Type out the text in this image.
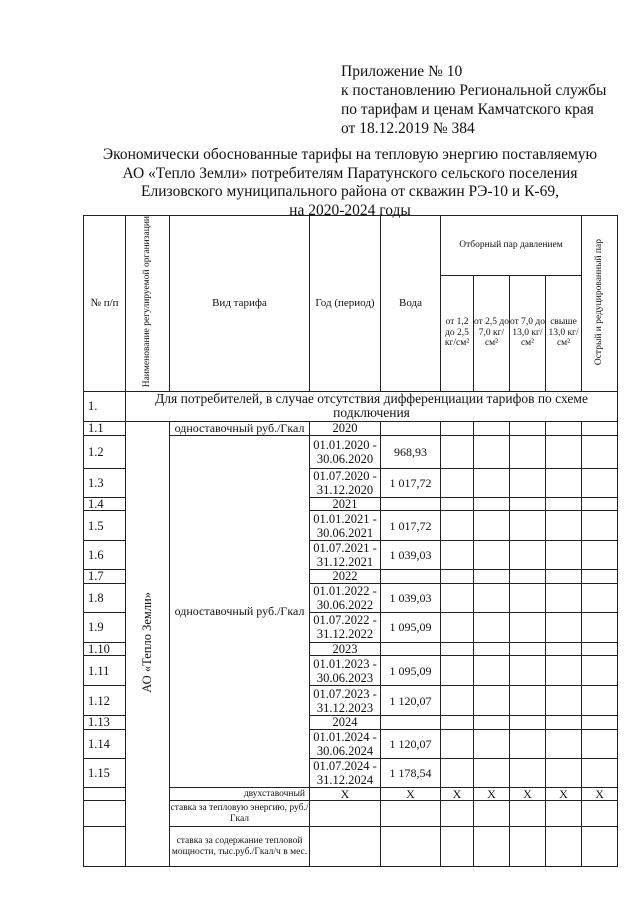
Приложение № 10
к постановлению Региональной службы
по тарифам и ценам Камчатского края
от 18.12.2019 № 384
Экономически обоснованные тарифы на тепловую энергию поставляемую
АО «Тепло Земли» потребителям Паратунского сельского поселения
Елизовского муниципального района от скважин РЭ-10 и К-69,
на 2020-2024 годы
№ п/п	Наименование регулируемой организации	Вид тарифа	Год (период)	Вода	Отборный пар давлением				Острый и редуцированный пар
					от 1,2 до 2,5 кг/см²	от 2,5 до 7,0 кг/см²	от 7,0 до 13,0 кг/см²	свыше 13,0 кг/см²	
1.	Для потребителей, в случае отсутствия дифференциации тарифов по схеме подключения								
1.1	АО «Тепло Земли»	одноставочный руб./Гкал	2020						
1.2		одноставочный руб./Гкал	01.01.2020 - 30.06.2020	968,93					
1.3			01.07.2020 - 31.12.2020	1 017,72					
1.4			2021						
1.5			01.01.2021 - 30.06.2021	1 017,72					
1.6			01.07.2021 - 31.12.2021	1 039,03					
1.7			2022						
1.8			01.01.2022 - 30.06.2022	1 039,03					
1.9			01.07.2022 - 31.12.2022	1 095,09					
1.10			2023						
1.11			01.01.2023 - 30.06.2023	1 095,09					
1.12			01.07.2023 - 31.12.2023	1 120,07					
1.13			2024						
1.14			01.01.2024 - 30.06.2024	1 120,07					
1.15			01.07.2024 - 31.12.2024	1 178,54					
		двухставочный	X	X	X	X	X	X	X
		ставка за тепловую энергию, руб./Гкал							
		ставка за содержание тепловой мощности, тыс.руб./Гкал/ч в мес.							
